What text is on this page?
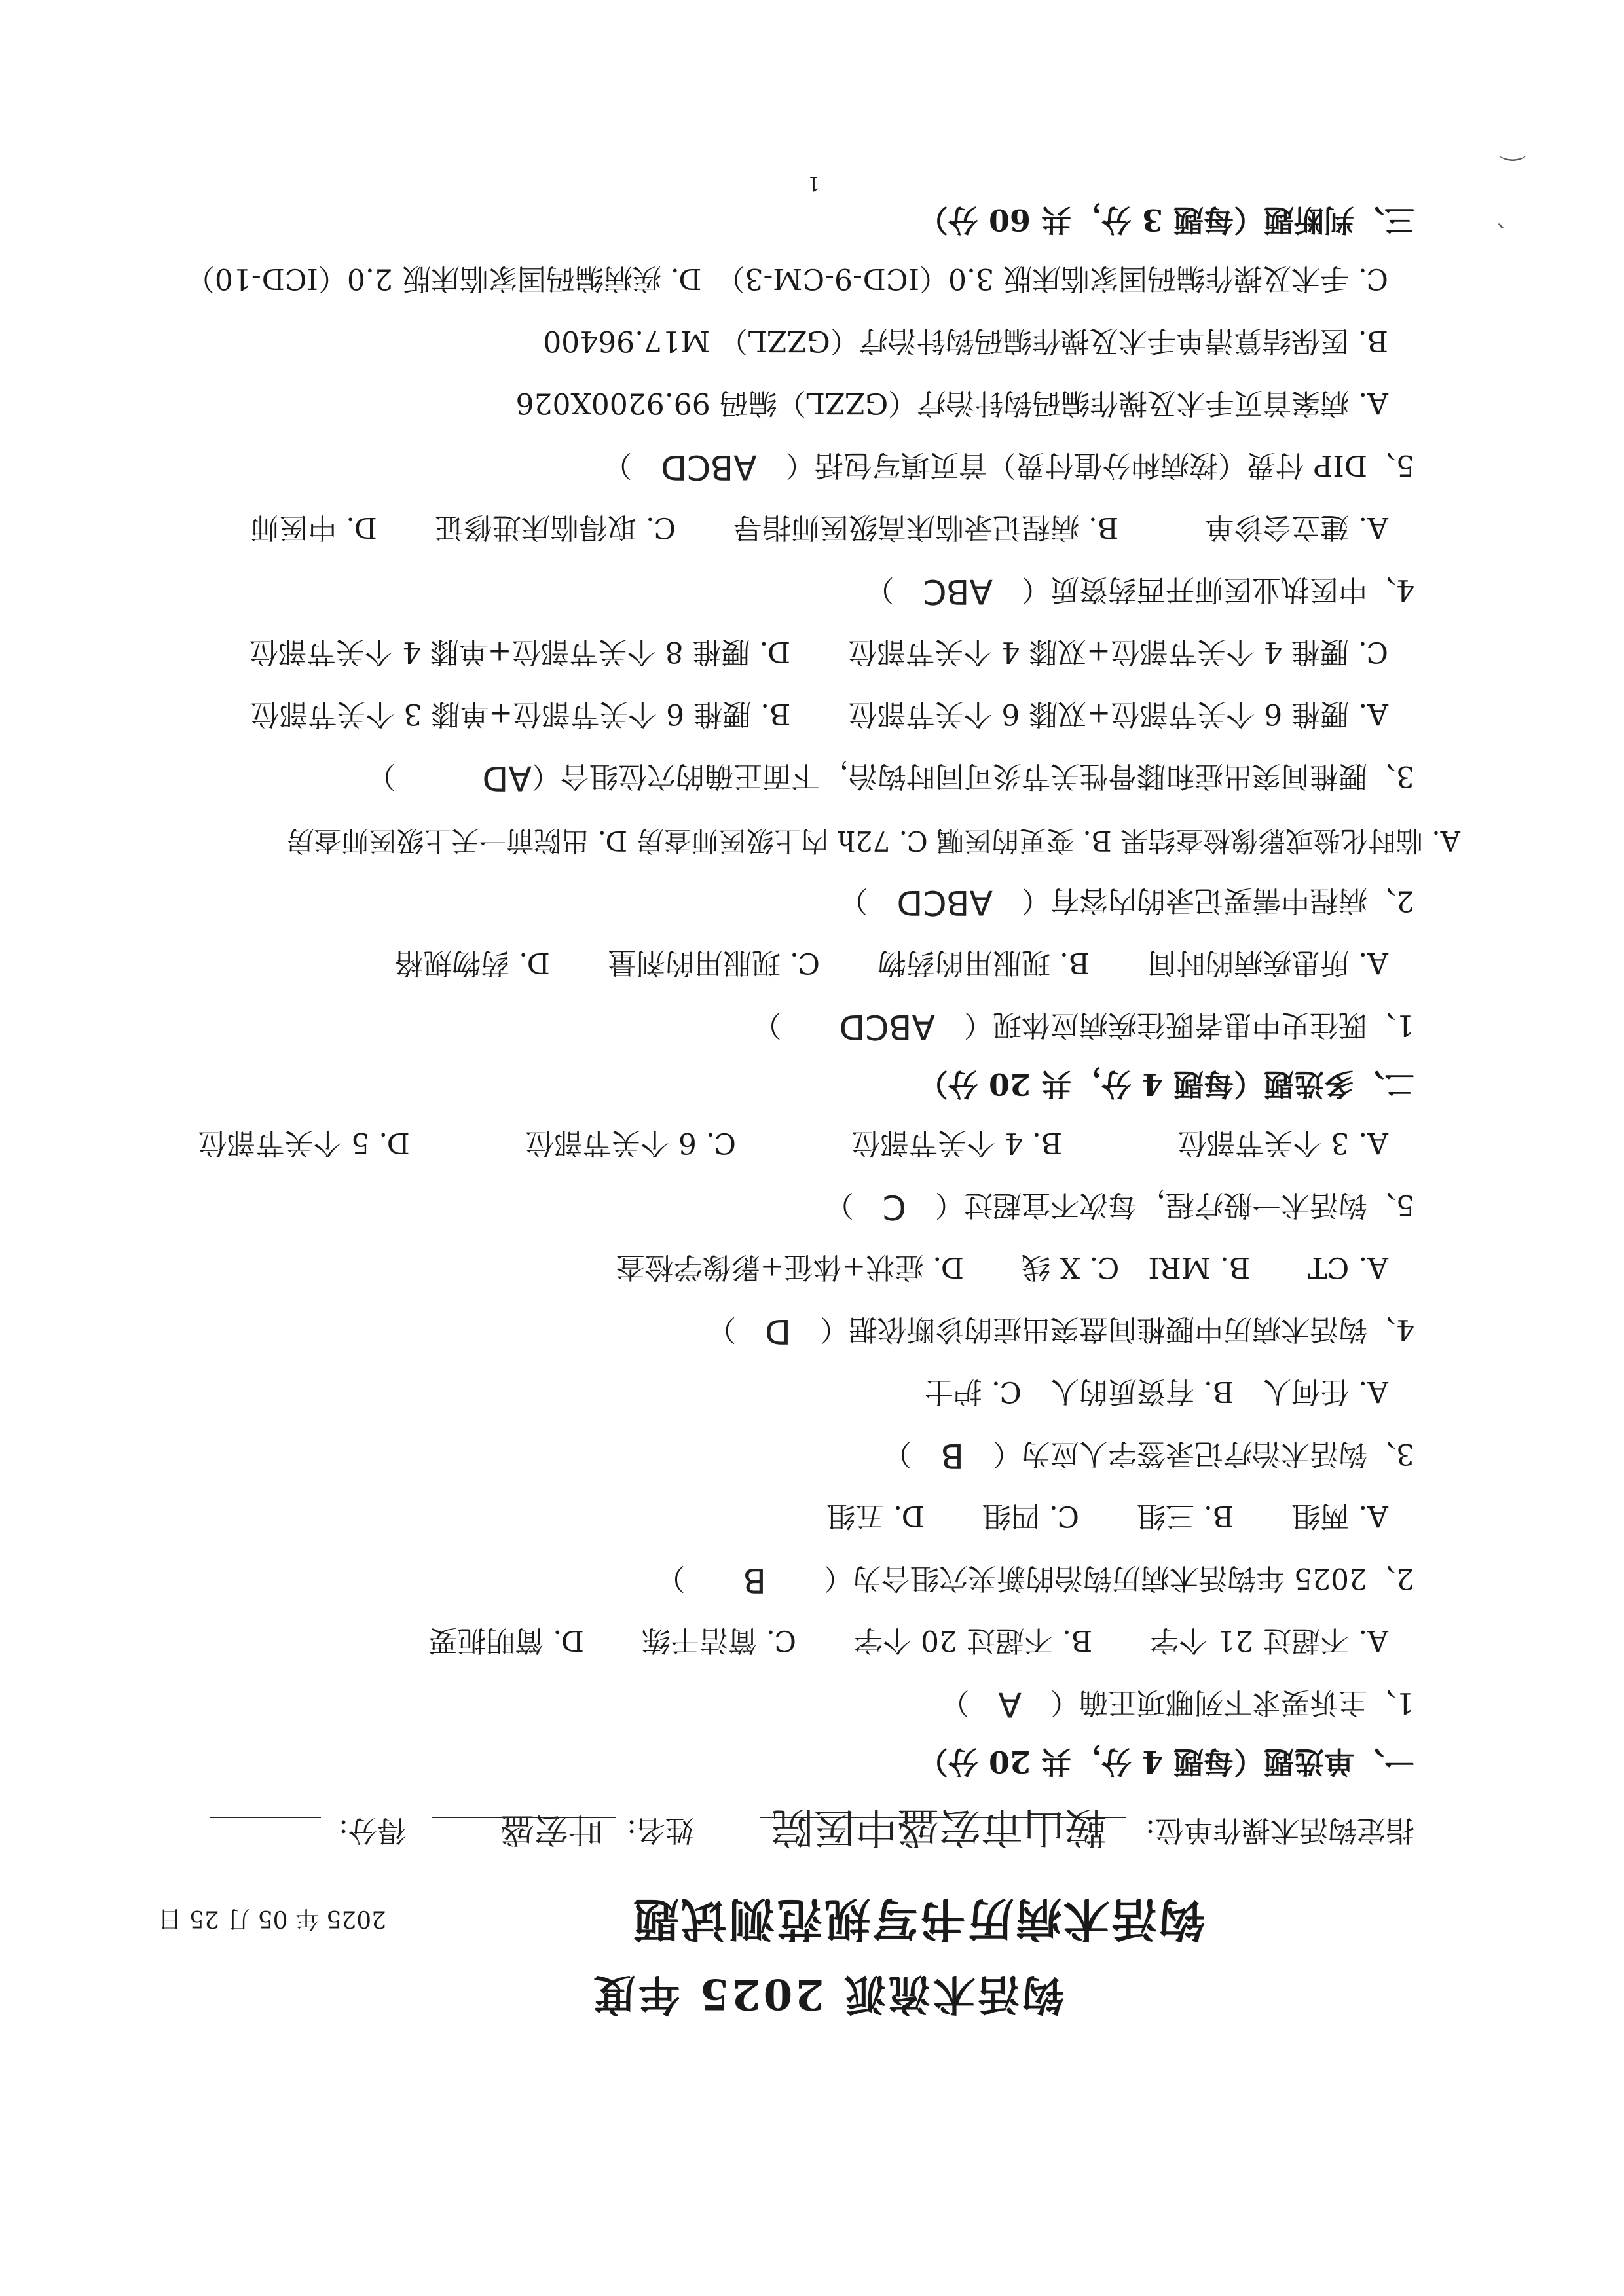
钩活术流派 2025 年度
钩活术病历书写规范测试题
2025 年 05 月 25 日
指定钩活术操作单位:
鞍山市宏盛中医院
姓名:
叶宏盛
得分:
一、单选题（每题 4 分，共 20 分）
1、主诉要求下列哪项正确（　A　）
A. 不超过 21 个字　　B. 不超过 20 个字　　C. 简洁干练　　D. 简明扼要
2、2025 年钩活术病历钩治的新夹穴组合为（　　B　　）
A. 两组　　B. 三组　　C. 四组　　D. 五组
3、钩活术治疗记录签字人应为（　B　）
A. 任何人　B. 有资质的人　C. 护士
4、钩活术病历中腰椎间盘突出症的诊断依据（　D　）
A. CT　　B. MRI　C. X 线　　D. 症状+体征+影像学检查
5、钩活术一般疗程，每次不宜超过（　C　）
A. 3 个关节部位　　　　B. 4 个关节部位　　　　C. 6 个关节部位　　　　D. 5 个关节部位
二、多选题（每题 4 分，共 20 分）
1、既往史中患者既往疾病应体现（　ABCD　　）
A. 所患疾病的时间　　B. 现服用的药物　　C. 现服用的剂量　　D. 药物规格
2、病程中需要记录的内容有（　ABCD　）
A. 临时化验或影像检查结果 B. 变更的医嘱 C. 72h 内上级医师查房 D. 出院前一天上级医师查房
3、腰椎间突出症和膝骨性关节炎可同时钩治，下面正确的穴位组合（AD　　　）
A. 腰椎 6 个关节部位+双膝 6 个关节部位　　B. 腰椎 6 个关节部位+单膝 3 个关节部位
C. 腰椎 4 个关节部位+双膝 4 个关节部位　　D. 腰椎 8 个关节部位+单膝 4 个关节部位
4、中医执业医师开西药资质（　ABC　）
A. 建立会诊单　　　B. 病程记录临床高级医师指导　　C. 取得临床进修证　　D. 中医师
5、DIP 付费（按病种分值付费）首页填写包括（　ABCD　）
A. 病案首页手术及操作编码钩针治疗（GZZL）编码 99.9200X026
B. 医保结算清单手术及操作编码钩针治疗（GZZL） M17.96400
C. 手术及操作编码国家临床版 3.0（ICD-9-CM-3）　D. 疾病编码国家临床版 2.0（ICD-10）
三、判断题（每题 3 分，共 60 分）
1
⌒
ˎ
